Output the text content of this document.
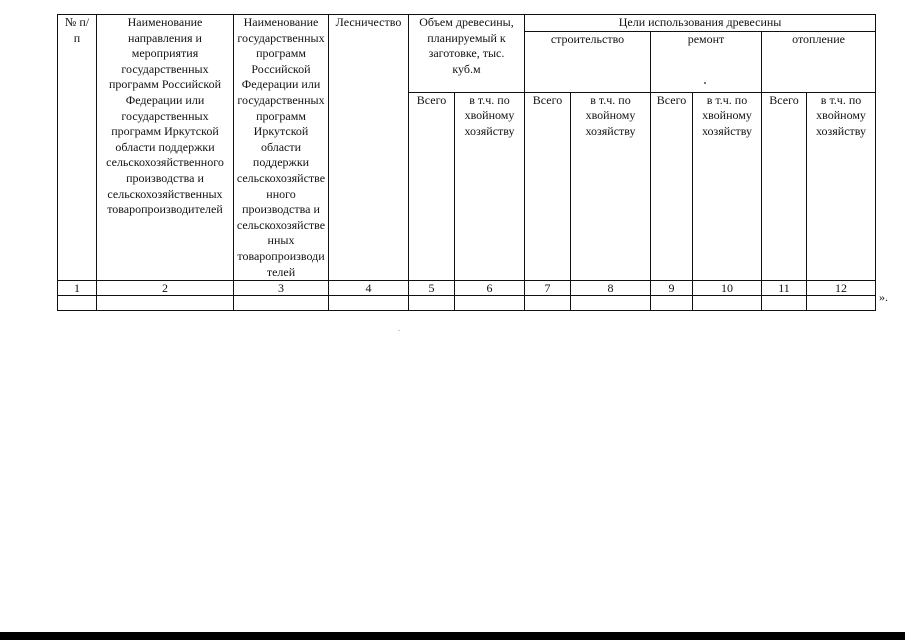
№ п/п	Наименование направления и мероприятия государственных программ Российской Федерации или государственных программ Иркутской области поддержки сельскохозяйственного производства и сельскохозяйственных товаропроизводителей	Наименование государственных программ Российской Федерации или государственных программ Иркутской области поддержки сельскохозяйственного производства и сельскохозяйственных товаропроизводителей	Лесничество	Объем древесины, планируемый к заготовке, тыс. куб.м		Цели использования древесины					
						строительство		ремонт		отопление	
				Всего	в т.ч. по хвойному хозяйству	Всего	в т.ч. по хвойному хозяйству	Всего	в т.ч. по хвойному хозяйству	Всего	в т.ч. по хвойному хозяйству
1	2	3	4	5	6	7	8	9	10	11	12

».
